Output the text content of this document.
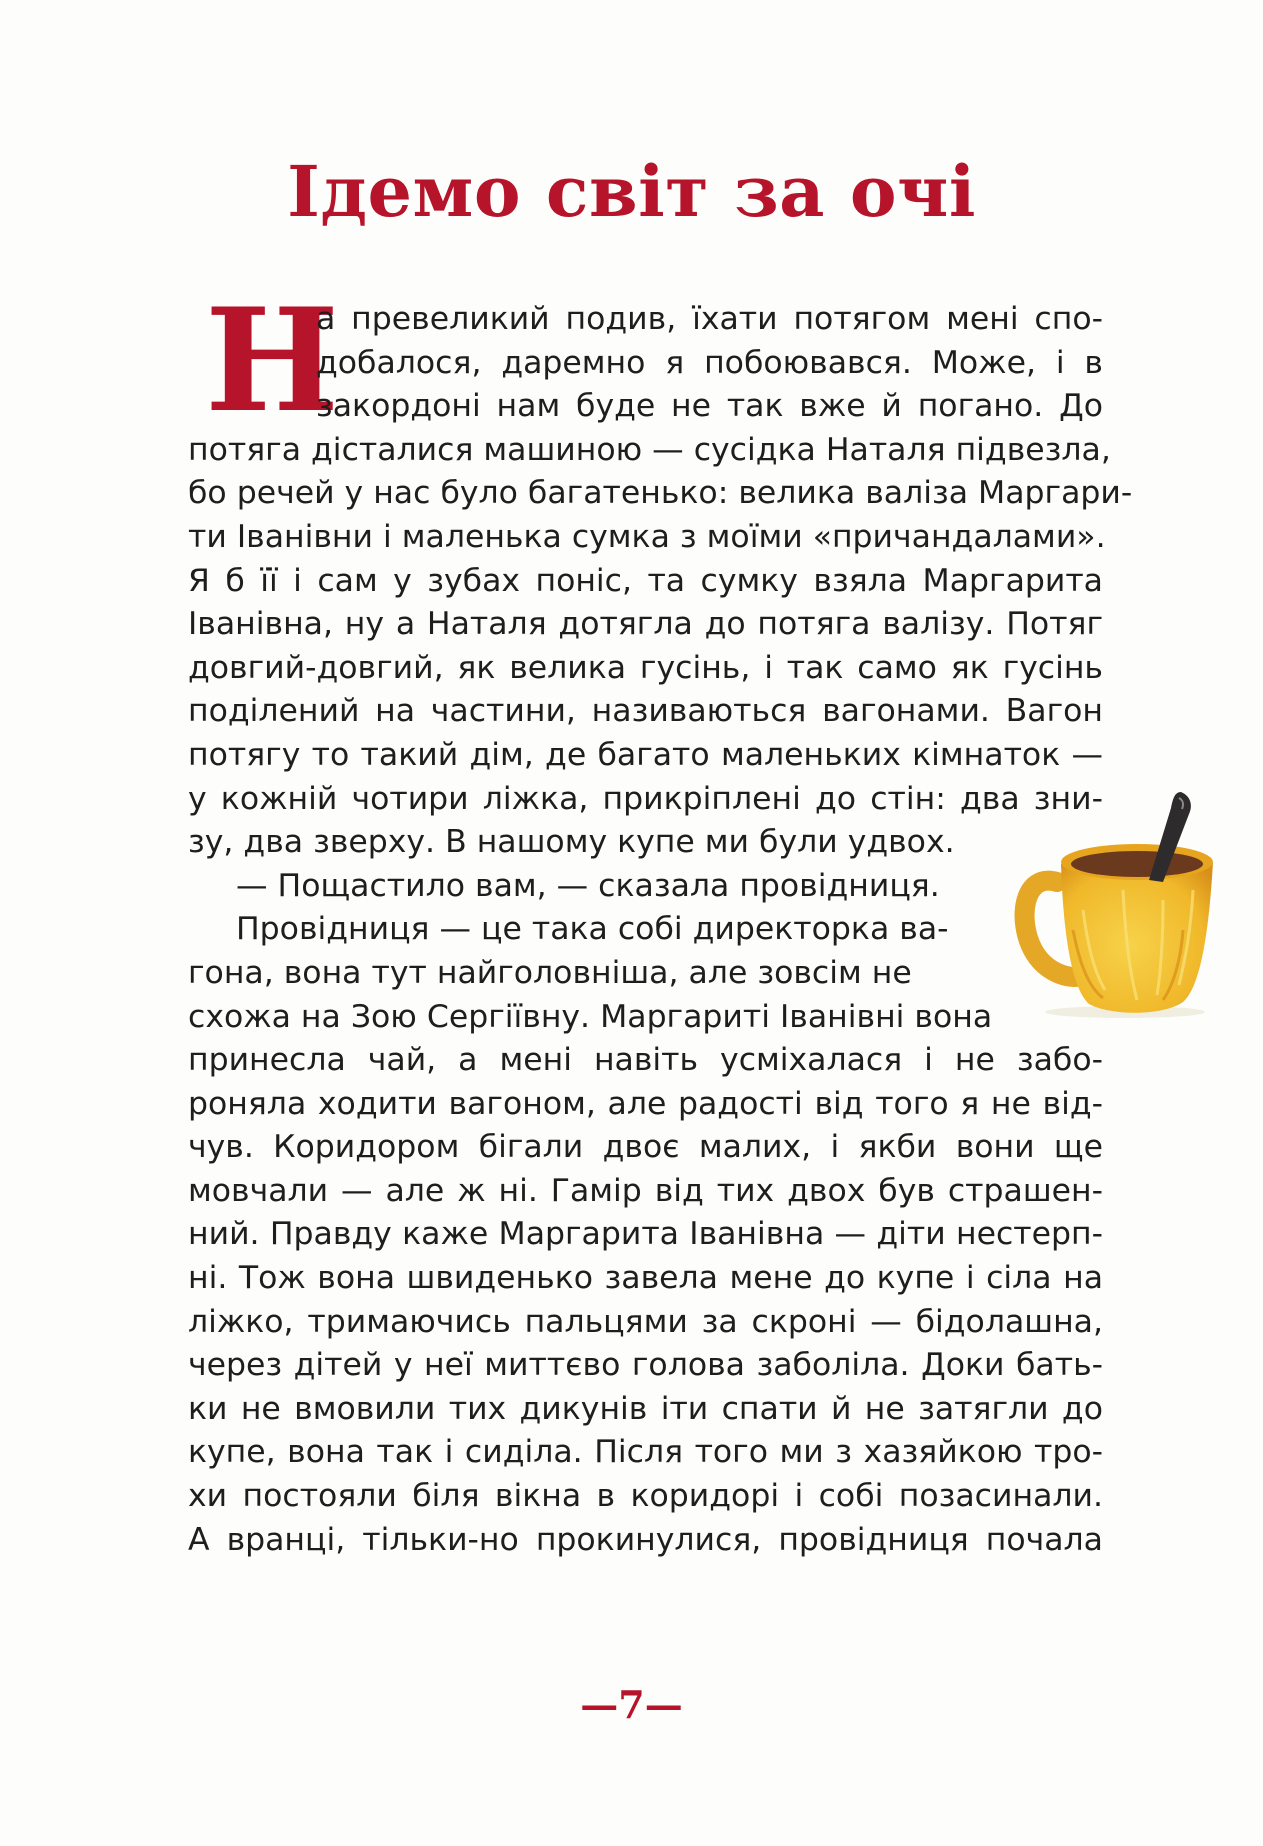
Ідемо світ за очі
Н
а превеликий подив, їхати потягом мені спо-
добалося, даремно я побоювався. Може, і в
закордоні нам буде не так вже й погано. До
потяга дісталися машиною — сусідка Наталя підвезла,
бо речей у нас було багатенько: велика валіза Маргари-
ти Іванівни і маленька сумка з моїми «причандалами».
Я б її і сам у зубах поніс, та сумку взяла Маргарита
Іванівна, ну а Наталя дотягла до потяга валізу. Потяг
довгий-довгий, як велика гусінь, і так само як гусінь
поділений на частини, називаються вагонами. Вагон
потягу то такий дім, де багато маленьких кімнаток —
у кожній чотири ліжка, прикріплені до стін: два зни-
зу, два зверху. В нашому купе ми були удвох.
— Пощастило вам, — сказала провідниця.
Провідниця — це така собі директорка ва-
гона, вона тут найголовніша, але зовсім не
схожа на Зою Сергіївну. Маргариті Іванівні вона
принесла чай, а мені навіть усміхалася і не забо-
роняла ходити вагоном, але радості від того я не від-
чув. Коридором бігали двоє малих, і якби вони ще
мовчали — але ж ні. Гамір від тих двох був страшен-
ний. Правду каже Маргарита Іванівна — діти нестерп-
ні. Тож вона швиденько завела мене до купе і сіла на
ліжко, тримаючись пальцями за скроні — бідолашна,
через дітей у неї миттєво голова заболіла. Доки бать-
ки не вмовили тих дикунів іти спати й не затягли до
купе, вона так і сиділа. Після того ми з хазяйкою тро-
хи постояли біля вікна в коридорі і собі позасинали.
А вранці, тільки-но прокинулися, провідниця почала
—7—
